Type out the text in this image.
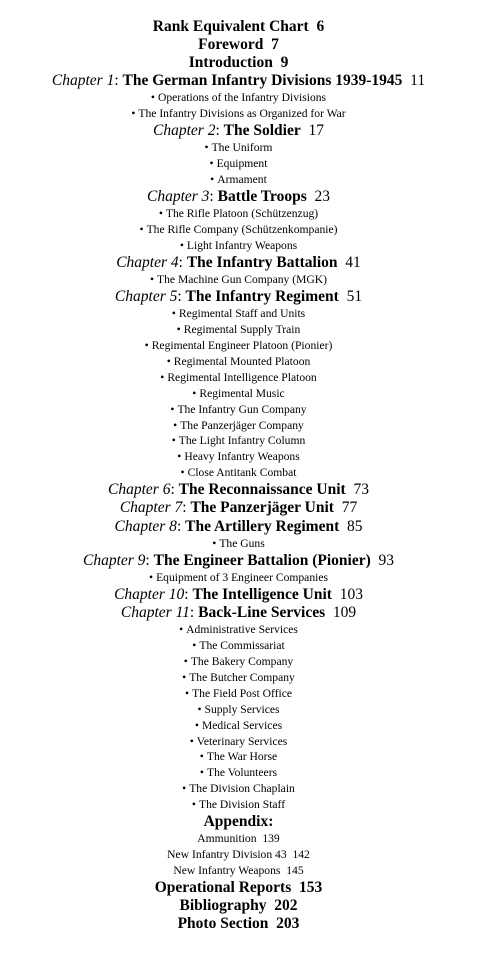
Rank Equivalent Chart 6
Foreword 7
Introduction 9
Chapter 1: The German Infantry Divisions 1939-1945 11
• Operations of the Infantry Divisions
• The Infantry Divisions as Organized for War
Chapter 2: The Soldier 17
• The Uniform
• Equipment
• Armament
Chapter 3: Battle Troops 23
• The Rifle Platoon (Schützenzug)
• The Rifle Company (Schützenkompanie)
• Light Infantry Weapons
Chapter 4: The Infantry Battalion 41
• The Machine Gun Company (MGK)
Chapter 5: The Infantry Regiment 51
• Regimental Staff and Units
• Regimental Supply Train
• Regimental Engineer Platoon (Pionier)
• Regimental Mounted Platoon
• Regimental Intelligence Platoon
• Regimental Music
• The Infantry Gun Company
• The Panzerjäger Company
• The Light Infantry Column
• Heavy Infantry Weapons
• Close Antitank Combat
Chapter 6: The Reconnaissance Unit 73
Chapter 7: The Panzerjäger Unit 77
Chapter 8: The Artillery Regiment 85
• The Guns
Chapter 9: The Engineer Battalion (Pionier) 93
• Equipment of 3 Engineer Companies
Chapter 10: The Intelligence Unit 103
Chapter 11: Back-Line Services 109
• Administrative Services
• The Commissariat
• The Bakery Company
• The Butcher Company
• The Field Post Office
• Supply Services
• Medical Services
• Veterinary Services
• The War Horse
• The Volunteers
• The Division Chaplain
• The Division Staff
Appendix:
Ammunition 139
New Infantry Division 43 142
New Infantry Weapons 145
Operational Reports 153
Bibliography 202
Photo Section 203
